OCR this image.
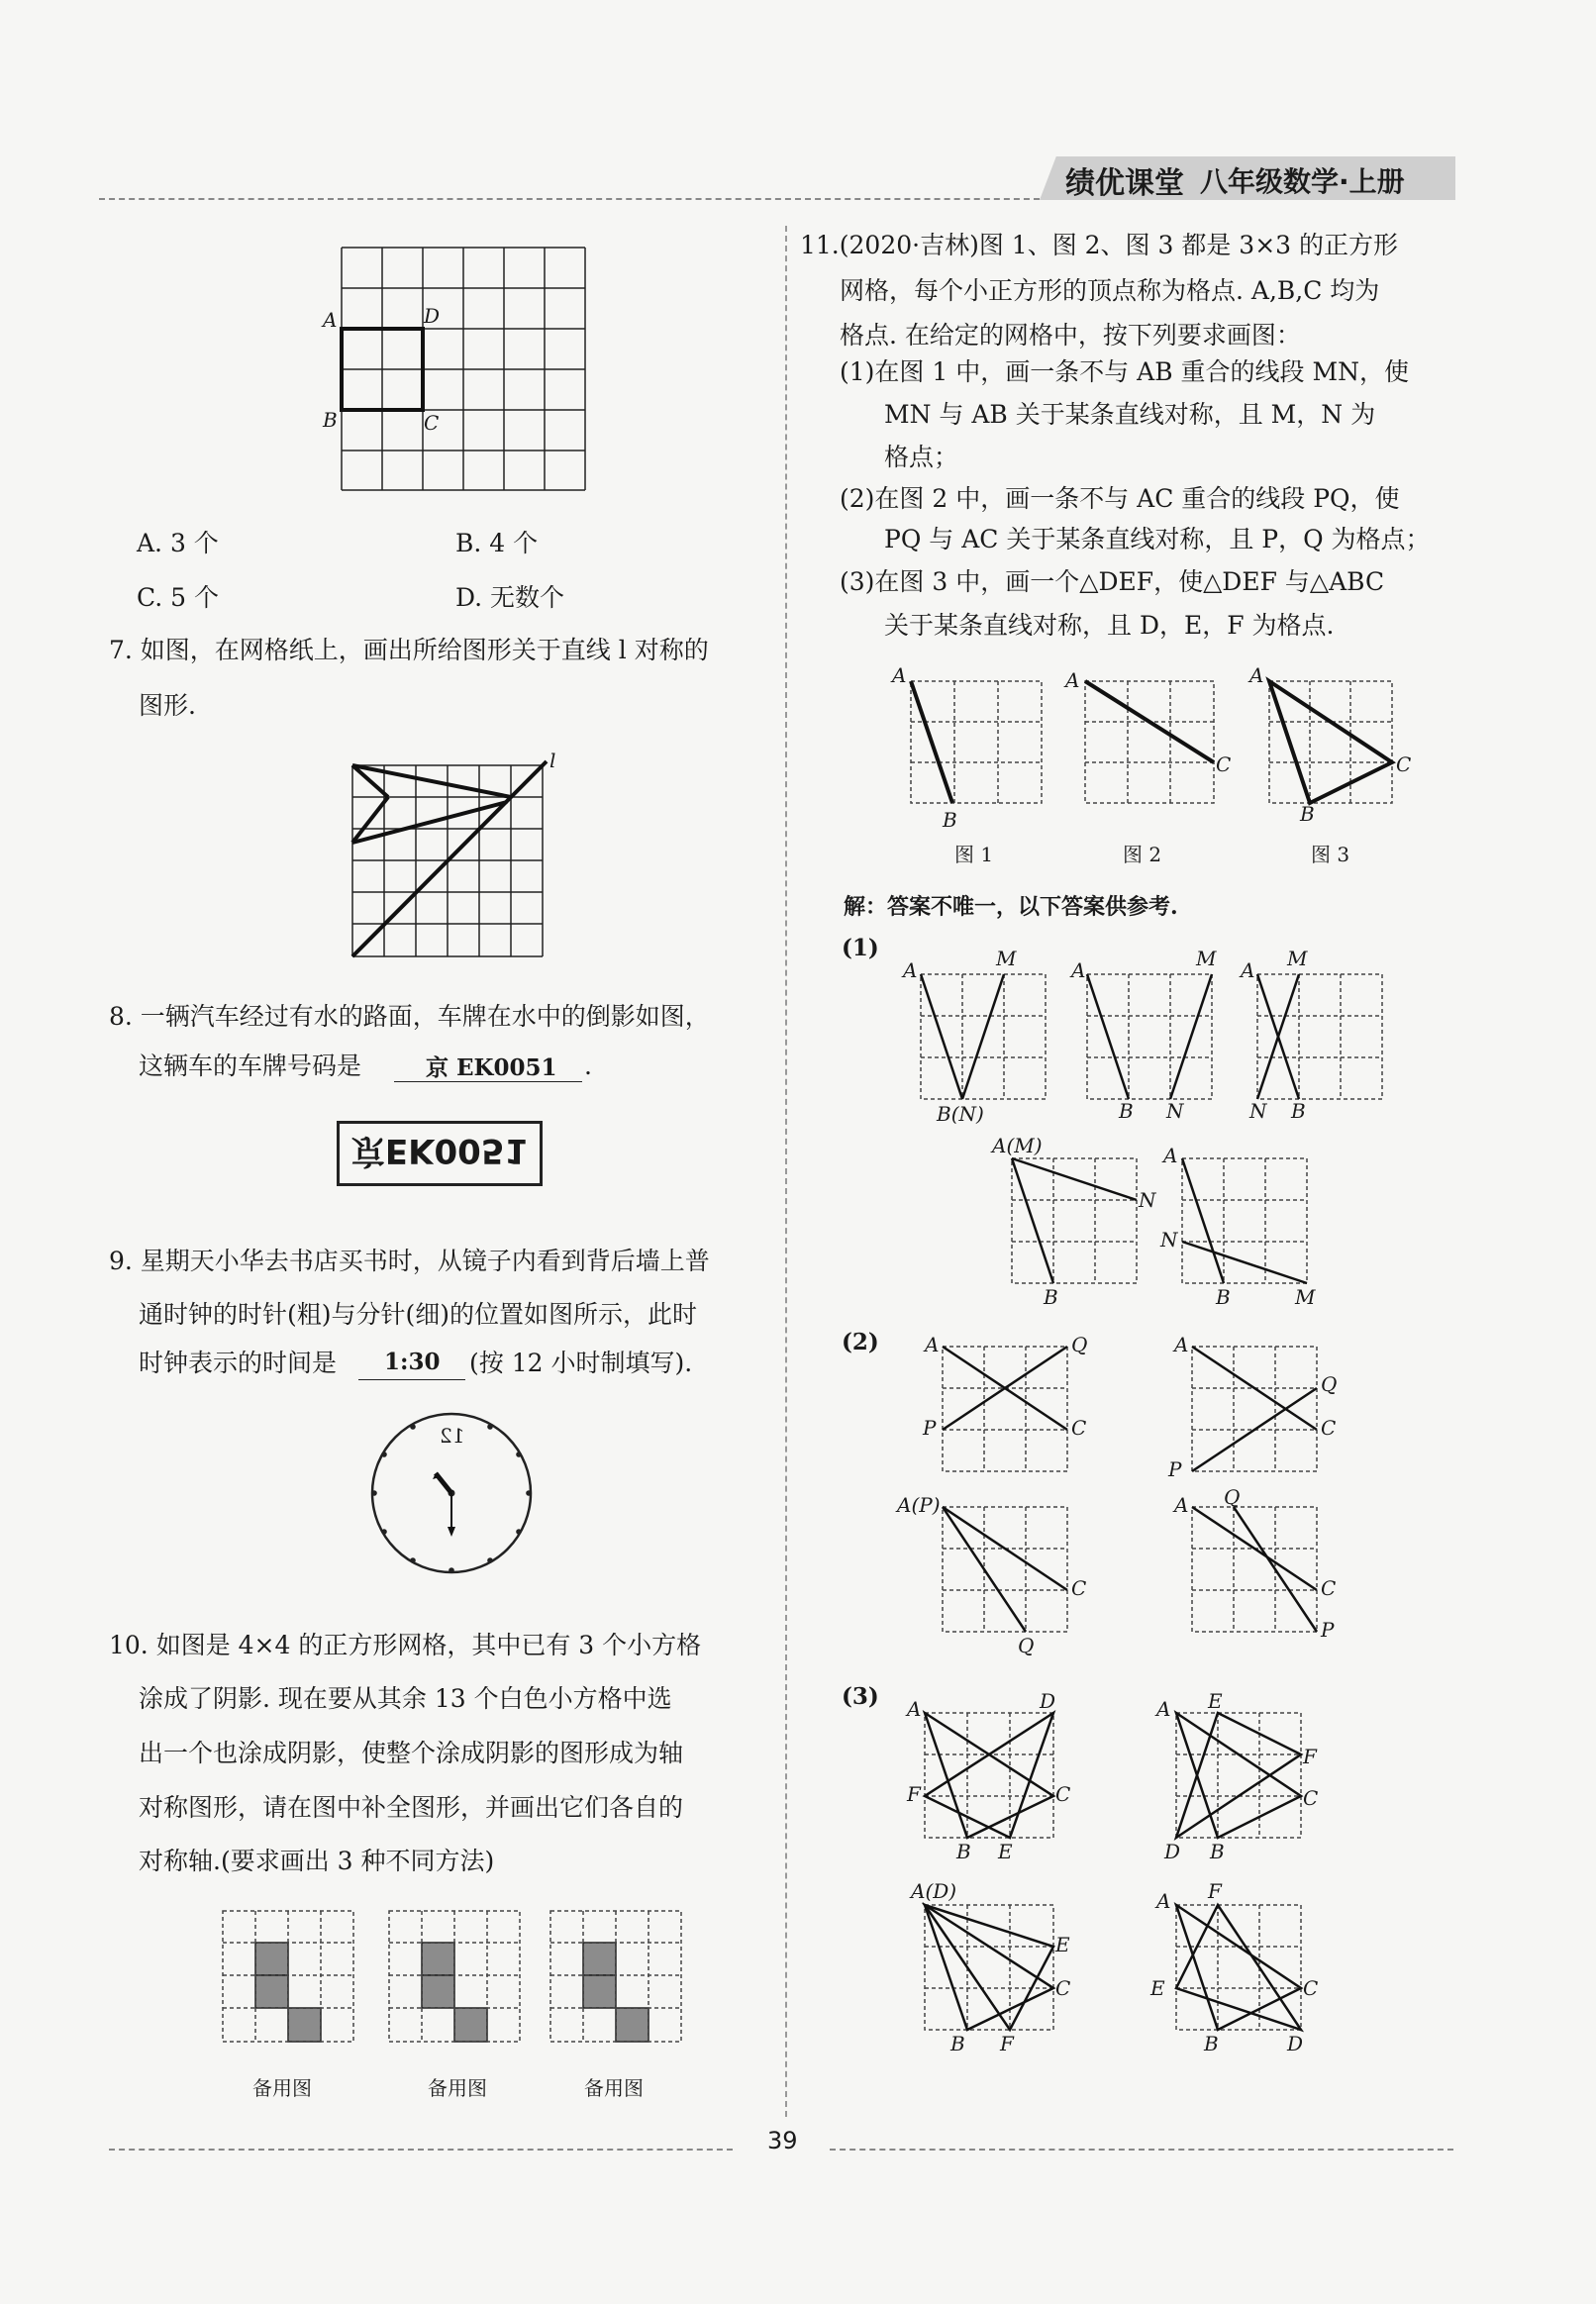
绩优课堂 八年级数学·上册
A	D
B	C
A. 3 个	B. 4 个
C. 5 个	D. 无数个
7. 如图，在网格纸上，画出所给图形关于直线 l 对称的
图形.
l
8. 一辆汽车经过有水的路面，车牌在水中的倒影如图，
这辆车的车牌号码是	京 EK0051 .
京EK0051
9. 星期天小华去书店买书时，从镜子内看到背后墙上普
通时钟的时针(粗)与分针(细)的位置如图所示，此时
时钟表示的时间是 1:30 (按 12 小时制填写).
12
10. 如图是 4×4 的正方形网格，其中已有 3 个小方格
涂成了阴影. 现在要从其余 13 个白色小方格中选
出一个也涂成阴影，使整个涂成阴影的图形成为轴
对称图形，请在图中补全图形，并画出它们各自的
对称轴.(要求画出 3 种不同方法)
备用图	备用图	备用图
11.(2020·吉林)图 1、图 2、图 3 都是 3×3 的正方形
网格，每个小正方形的顶点称为格点. A,B,C 均为
格点. 在给定的网格中，按下列要求画图：
(1)在图 1 中，画一条不与 AB 重合的线段 MN，使
MN 与 AB 关于某条直线对称，且 M，N 为
格点；
(2)在图 2 中，画一条不与 AC 重合的线段 PQ，使
PQ 与 AC 关于某条直线对称，且 P，Q 为格点；
(3)在图 3 中，画一个△DEF，使△DEF 与△ABC
关于某条直线对称，且 D，E，F 为格点.
A
B
A
C
A
C
B
图 1	图 2	图 3
解：答案不唯一，以下答案供参考.
(1)
(2)
(3)
A	M
B(N)
A	M
B N
A M
N B
A(M)
N
B
A
N
B	M
A	Q
P	C
A
Q
C
P
A(P)
C
Q
A Q
C
P
A	D
F	C
B E
A E
F
C
D B
A(D)
E
C
B F
A F
E	C
B	D
39
